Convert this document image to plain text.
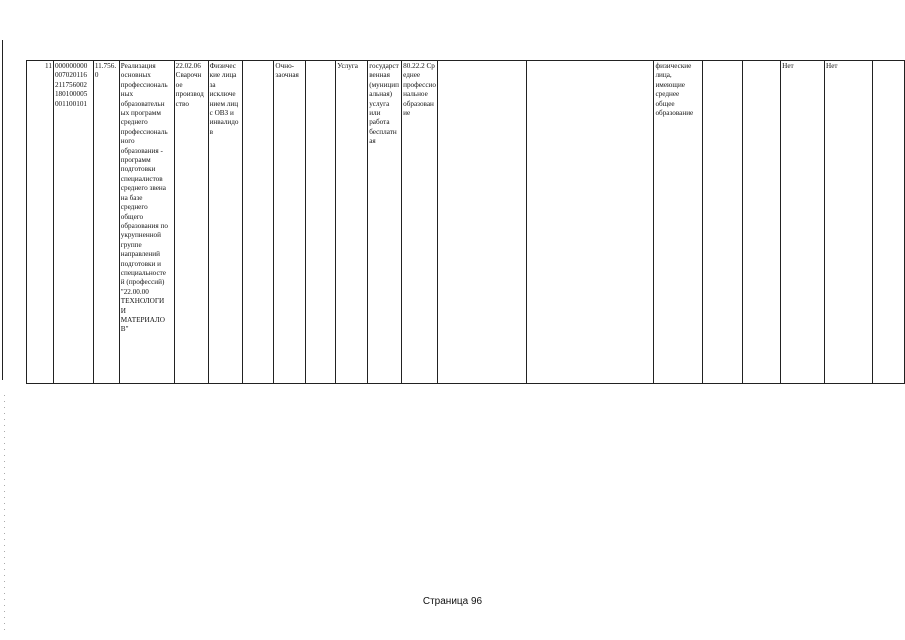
11	000000000
007020116
211756002
180100005
001100101	11.756.
0	Реализация
основных
профессиональ
ных
образовательн
ых программ
среднего
профессиональ
ного
образования -
программ
подготовки
специалистов
среднего звена
на базе
среднего
общего
образования по
укрупненной
группе
направлений
подготовки и
специальносте
й (профессий)
"22.00.00
ТЕХНОЛОГИ
И
МАТЕРИАЛО
В"	22.02.06
Сварочн
ое
производ
ство	Физичес
кие лица
за
исключе
нием лиц
с ОВЗ и
инвалидо
в		Очно-
заочная		Услуга	государст
венная
(муницип
альная)
услуга
или
работа
бесплатн
ая	80.22.2 Среднее
профессиональное
образование			физические
лица,
имеющие
среднее
общее
образование			Нет	Нет	
Страница 96
